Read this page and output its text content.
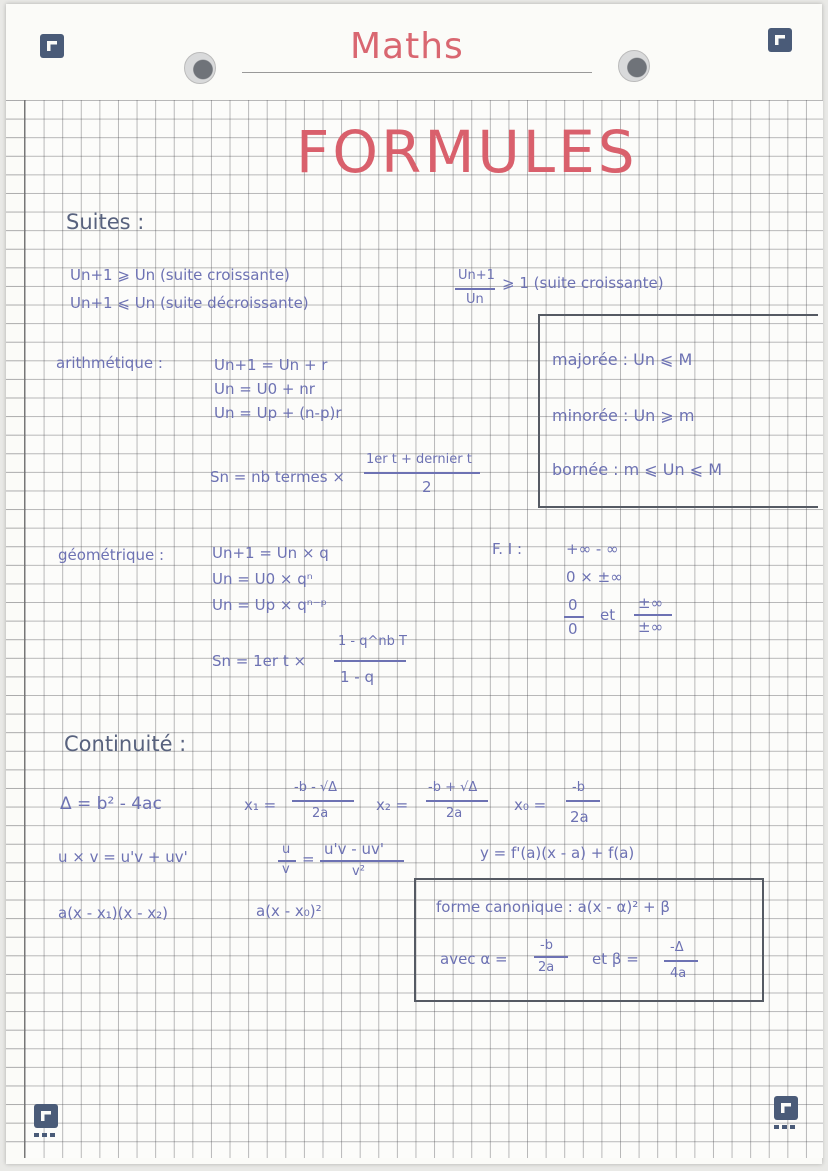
Maths
FORMULES
Suites :
Un+1 ⩾ Un (suite croissante)
Un+1 ⩽ Un (suite décroissante)
Un+1
Un
⩾ 1 (suite croissante)
majorée : Un ⩽ M
minorée : Un ⩾ m
bornée : m ⩽ Un ⩽ M
arithmétique :	Un+1 = Un + r
Un = U0 + nr
Un = Up + (n-p)r
Sn = nb termes ×
1er t + dernier t
2
géométrique :	Un+1 = Un × q
Un = U0 × qⁿ
Un = Up × qⁿ⁻ᵖ
Sn = 1er t ×
1 - q^nb T
1 - q
F. I :	+∞ - ∞
0 × ±∞
0
0
et
±∞
±∞
Continuité :
Δ = b² - 4ac	x₁ =
-b - √Δ
2a	x₂ =
-b + √Δ
2a	x₀ =
-b
2a
u × v = u'v + uv'	u
v
=
u'v - uv'
v²
y = f'(a)(x - a) + f(a)
a(x - x₁)(x - x₂)	a(x - x₀)²	forme canonique : a(x - α)² + β
avec α =
-b
2a	et β =
-Δ
4a
